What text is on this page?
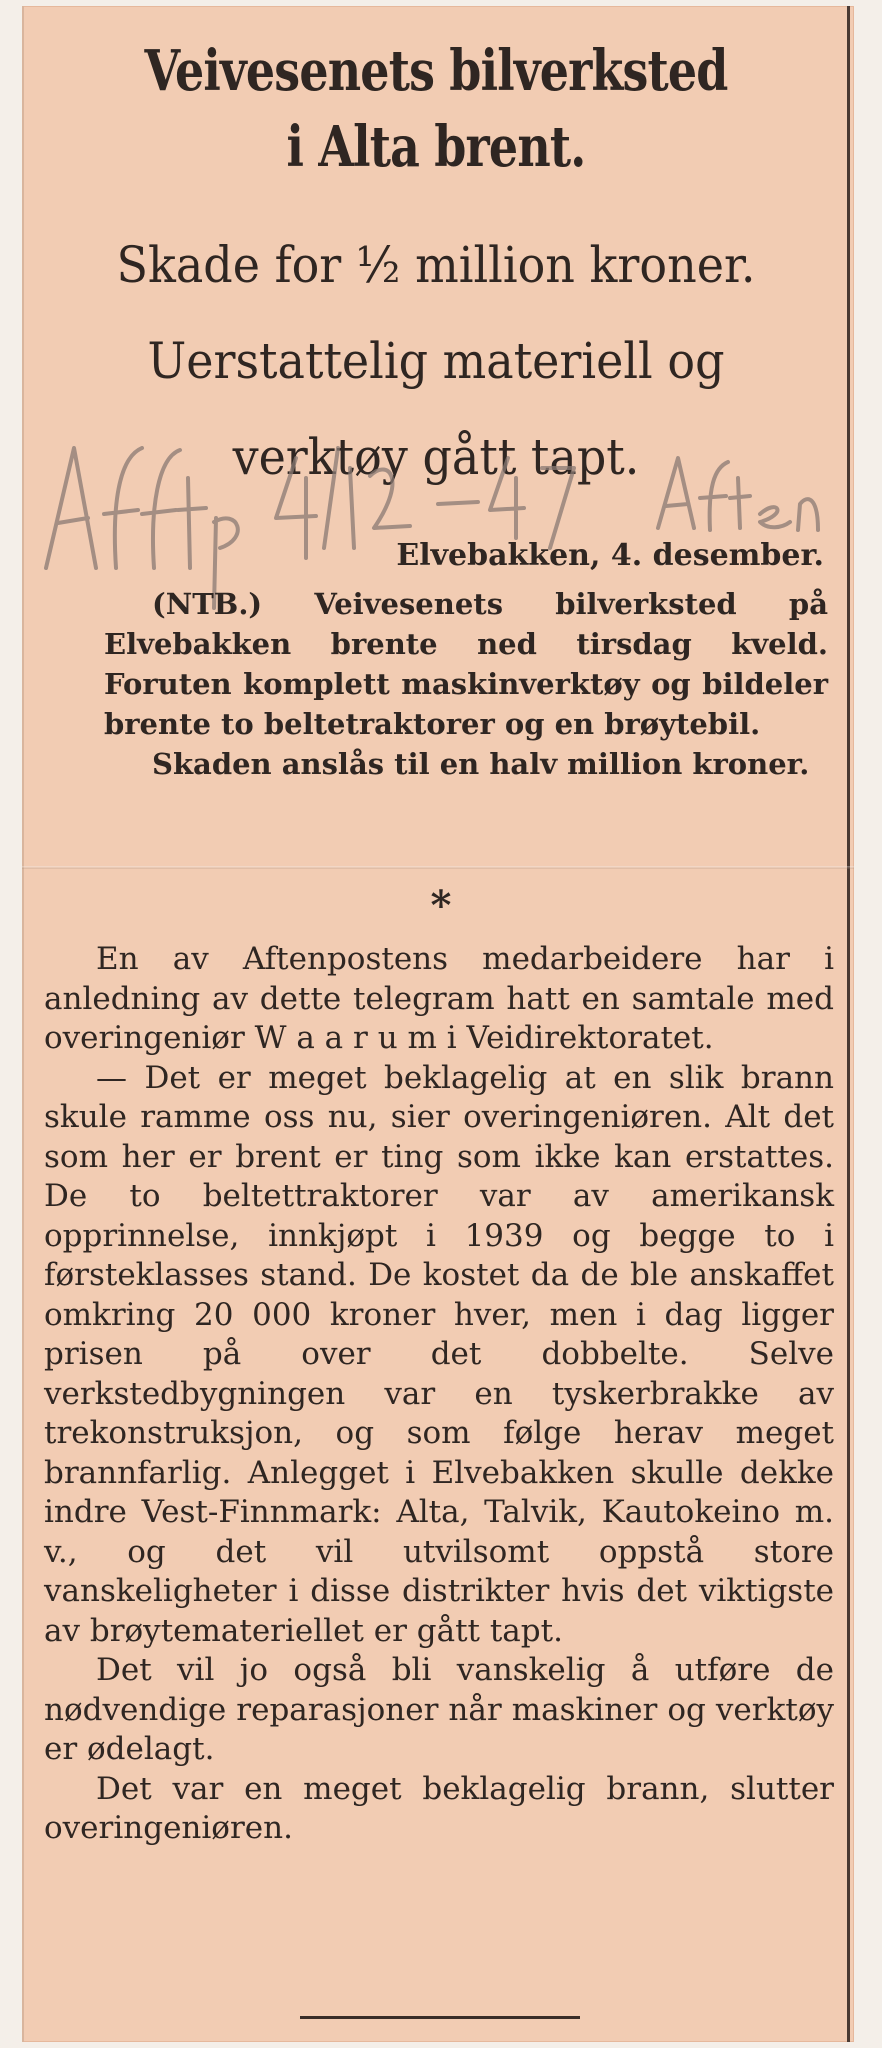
Veivesenets bilverksted
i Alta brent.
Skade for ½ million kroner.
Uerstattelig materiell og
verktøy gått tapt.
Elvebakken, 4. desember.

(NTB.) Veivesenets bilverksted på Elvebakken brente ned tirsdag kveld. Foruten komplett maskinverktøy og bildeler brente to beltetraktorer og en brøytebil.

Skaden anslås til en halv million kroner.

*

En av Aftenpostens medarbeidere har i anledning av dette telegram hatt en samtale med overingeniør W a a r u m i Veidirektoratet.

— Det er meget beklagelig at en slik brann skule ramme oss nu, sier overingeniøren. Alt det som her er brent er ting som ikke kan erstattes. De to beltettraktorer var av amerikansk opprinnelse, innkjøpt i 1939 og begge to i førsteklasses stand. De kostet da de ble anskaffet omkring 20 000 kroner hver, men i dag ligger prisen på over det dobbelte. Selve verkstedbygningen var en tyskerbrakke av trekonstruksjon, og som følge herav meget brannfarlig. Anlegget i Elvebakken skulle dekke indre Vest-Finnmark: Alta, Talvik, Kautokeino m. v., og det vil utvilsomt oppstå store vanskeligheter i disse distrikter hvis det viktigste av brøytemateriellet er gått tapt.

Det vil jo også bli vanskelig å utføre de nødvendige reparasjoner når maskiner og verktøy er ødelagt.

Det var en meget beklagelig brann, slutter overingeniøren.
